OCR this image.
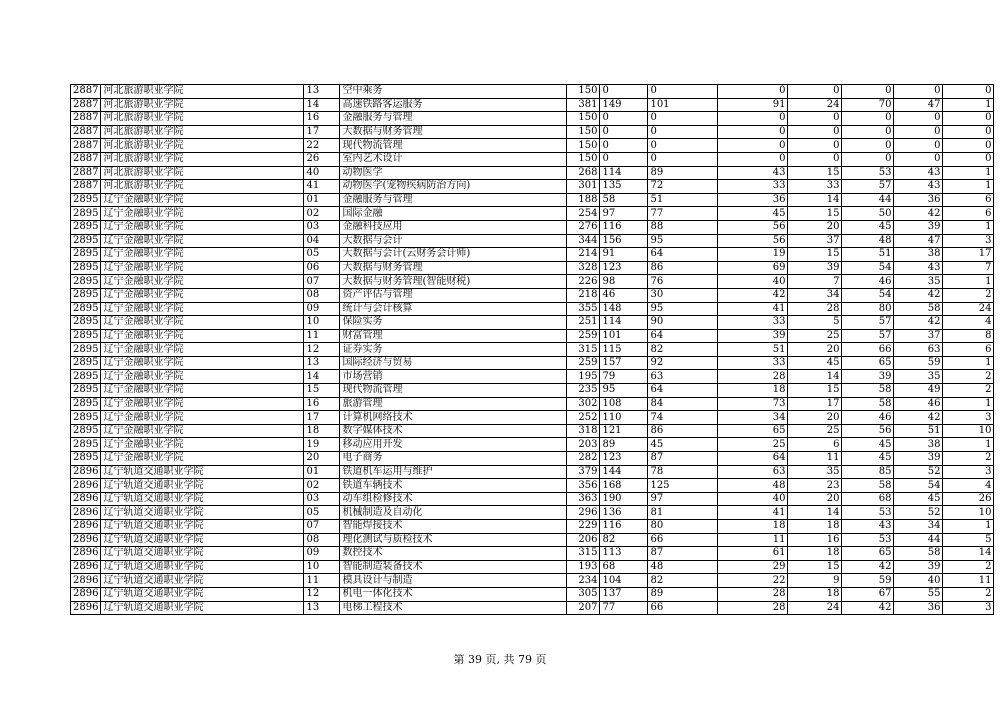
2887	河北旅游职业学院	13	空中乘务	150	0	0	0	0	0	0	0
2887	河北旅游职业学院	14	高速铁路客运服务	381	149	101	91	24	70	47	1
2887	河北旅游职业学院	16	金融服务与管理	150	0	0	0	0	0	0	0
2887	河北旅游职业学院	17	大数据与财务管理	150	0	0	0	0	0	0	0
2887	河北旅游职业学院	22	现代物流管理	150	0	0	0	0	0	0	0
2887	河北旅游职业学院	26	室内艺术设计	150	0	0	0	0	0	0	0
2887	河北旅游职业学院	40	动物医学	268	114	89	43	15	53	43	1
2887	河北旅游职业学院	41	动物医学(宠物疾病防治方向)	301	135	72	33	33	57	43	1
2895	辽宁金融职业学院	01	金融服务与管理	188	58	51	36	14	44	36	6
2895	辽宁金融职业学院	02	国际金融	254	97	77	45	15	50	42	6
2895	辽宁金融职业学院	03	金融科技应用	276	116	88	56	20	45	39	1
2895	辽宁金融职业学院	04	大数据与会计	344	156	95	56	37	48	47	3
2895	辽宁金融职业学院	05	大数据与会计(云财务会计师)	214	91	64	19	15	51	38	17
2895	辽宁金融职业学院	06	大数据与财务管理	328	123	86	69	39	54	43	7
2895	辽宁金融职业学院	07	大数据与财务管理(智能财税)	226	98	76	40	7	46	35	1
2895	辽宁金融职业学院	08	资产评估与管理	218	46	30	42	34	54	42	2
2895	辽宁金融职业学院	09	统计与会计核算	355	148	95	41	28	80	58	24
2895	辽宁金融职业学院	10	保险实务	251	114	90	33	5	57	42	4
2895	辽宁金融职业学院	11	财富管理	259	101	64	39	25	57	37	8
2895	辽宁金融职业学院	12	证券实务	315	115	82	51	20	66	63	6
2895	辽宁金融职业学院	13	国际经济与贸易	259	157	92	33	45	65	59	1
2895	辽宁金融职业学院	14	市场营销	195	79	63	28	14	39	35	2
2895	辽宁金融职业学院	15	现代物流管理	235	95	64	18	15	58	49	2
2895	辽宁金融职业学院	16	旅游管理	302	108	84	73	17	58	46	1
2895	辽宁金融职业学院	17	计算机网络技术	252	110	74	34	20	46	42	3
2895	辽宁金融职业学院	18	数字媒体技术	318	121	86	65	25	56	51	10
2895	辽宁金融职业学院	19	移动应用开发	203	89	45	25	6	45	38	1
2895	辽宁金融职业学院	20	电子商务	282	123	87	64	11	45	39	2
2896	辽宁轨道交通职业学院	01	铁道机车运用与维护	379	144	78	63	35	85	52	3
2896	辽宁轨道交通职业学院	02	铁道车辆技术	356	168	125	48	23	58	54	4
2896	辽宁轨道交通职业学院	03	动车组检修技术	363	190	97	40	20	68	45	26
2896	辽宁轨道交通职业学院	05	机械制造及自动化	296	136	81	41	14	53	52	10
2896	辽宁轨道交通职业学院	07	智能焊接技术	229	116	80	18	18	43	34	1
2896	辽宁轨道交通职业学院	08	理化测试与质检技术	206	82	66	11	16	53	44	5
2896	辽宁轨道交通职业学院	09	数控技术	315	113	87	61	18	65	58	14
2896	辽宁轨道交通职业学院	10	智能制造装备技术	193	68	48	29	15	42	39	2
2896	辽宁轨道交通职业学院	11	模具设计与制造	234	104	82	22	9	59	40	11
2896	辽宁轨道交通职业学院	12	机电一体化技术	305	137	89	28	18	67	55	2
2896	辽宁轨道交通职业学院	13	电梯工程技术	207	77	66	28	24	42	36	3
第 39 页, 共 79 页
